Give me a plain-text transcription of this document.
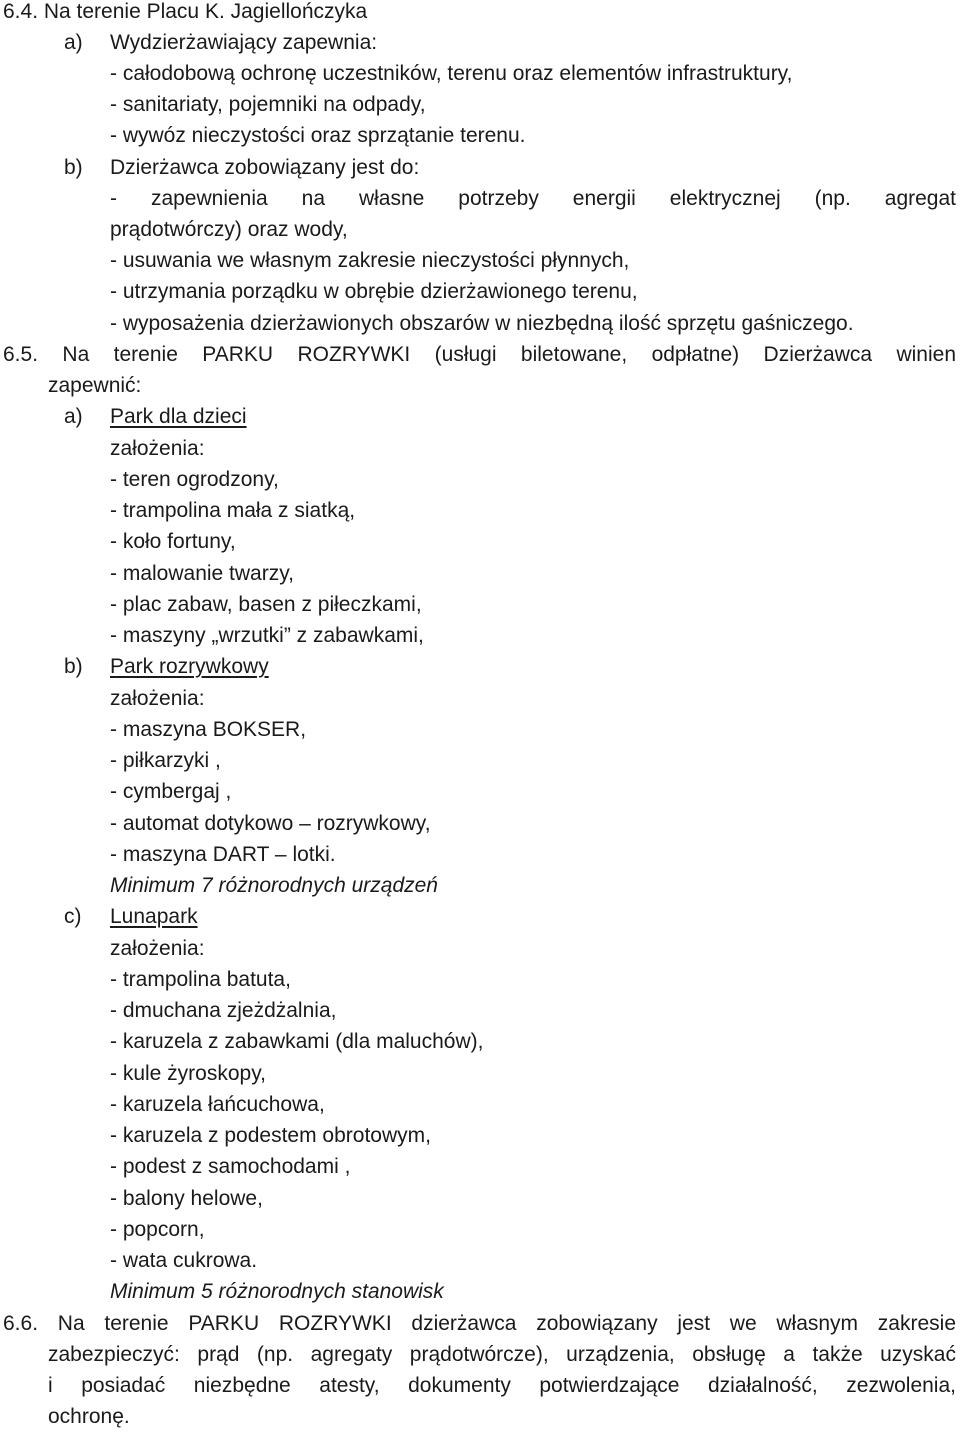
6.4. Na terenie Placu K. Jagiellończyka
a) Wydzierżawiający zapewnia:
- całodobową ochronę uczestników, terenu oraz elementów infrastruktury,
- sanitariaty, pojemniki na odpady,
- wywóz nieczystości oraz sprzątanie terenu.
b) Dzierżawca zobowiązany jest do:
- zapewnienia na własne potrzeby energii elektrycznej (np. agregat
prądotwórczy) oraz wody,
- usuwania we własnym zakresie nieczystości płynnych,
- utrzymania porządku w obrębie dzierżawionego terenu,
- wyposażenia dzierżawionych obszarów w niezbędną ilość sprzętu gaśniczego.
6.5. Na terenie PARKU ROZRYWKI (usługi biletowane, odpłatne) Dzierżawca winien
zapewnić:
a) Park dla dzieci
założenia:
- teren ogrodzony,
- trampolina mała z siatką,
- koło fortuny,
- malowanie twarzy,
- plac zabaw, basen z piłeczkami,
- maszyny „wrzutki” z zabawkami,
b) Park rozrywkowy
założenia:
- maszyna BOKSER,
- piłkarzyki ,
- cymbergaj ,
- automat dotykowo – rozrywkowy,
- maszyna DART – lotki.
Minimum 7 różnorodnych urządzeń
c) Lunapark
założenia:
- trampolina batuta,
- dmuchana zjeżdżalnia,
- karuzela z zabawkami (dla maluchów),
- kule żyroskopy,
- karuzela łańcuchowa,
- karuzela z podestem obrotowym,
- podest z samochodami ,
- balony helowe,
- popcorn,
- wata cukrowa.
Minimum 5 różnorodnych stanowisk
6.6. Na terenie PARKU ROZRYWKI dzierżawca zobowiązany jest we własnym zakresie
zabezpieczyć: prąd (np. agregaty prądotwórcze), urządzenia, obsługę a także uzyskać
i posiadać niezbędne atesty, dokumenty potwierdzające działalność, zezwolenia,
ochronę.
